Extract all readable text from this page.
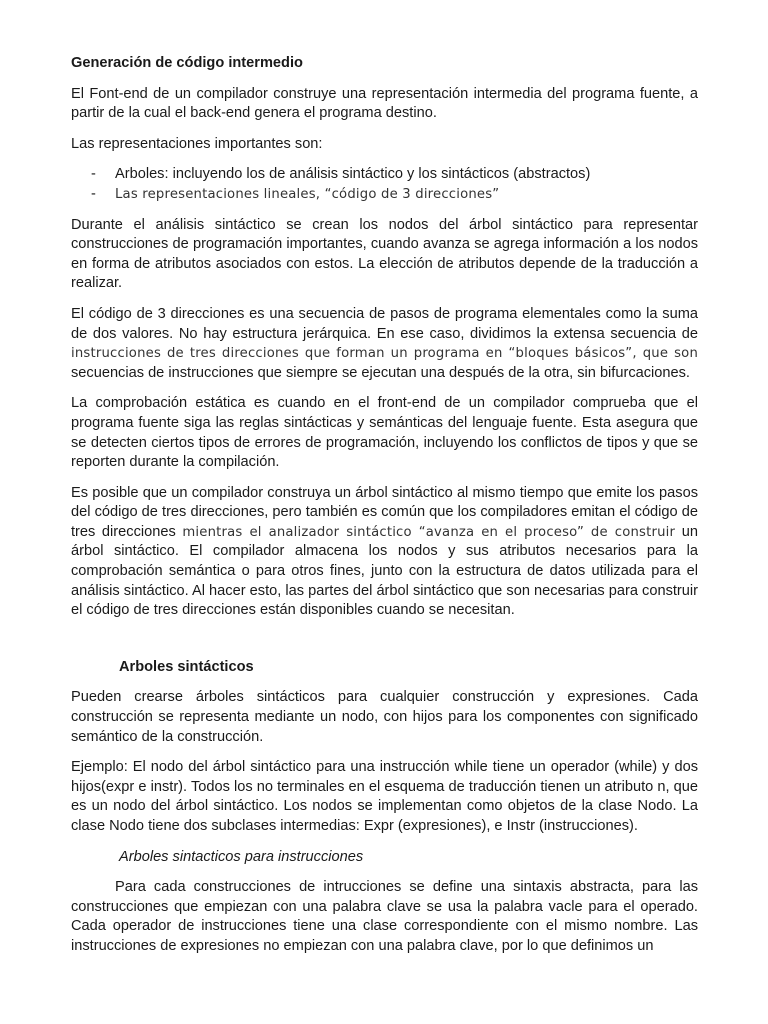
Generación de código intermedio

El Font-end de un compilador construye una representación intermedia del programa fuente, a partir de la cual el back-end genera el programa destino.

Las representaciones importantes son:

- Arboles: incluyendo los de análisis sintáctico y los sintácticos (abstractos)
- Las representaciones lineales, “código de 3 direcciones”

Durante el análisis sintáctico se crean los nodos del árbol sintáctico para representar construcciones de programación importantes, cuando avanza se agrega información a los nodos en forma de atributos asociados con estos. La elección de atributos depende de la traducción a realizar.

El código de 3 direcciones es una secuencia de pasos de programa elementales como la suma de dos valores. No hay estructura jerárquica. En ese caso, dividimos la extensa secuencia de instrucciones de tres direcciones que forman un programa en “bloques básicos”, que son secuencias de instrucciones que siempre se ejecutan una después de la otra, sin bifurcaciones.

La comprobación estática es cuando en el front-end de un compilador comprueba que el programa fuente siga las reglas sintácticas y semánticas del lenguaje fuente. Esta asegura que se detecten ciertos tipos de errores de programación, incluyendo los conflictos de tipos y que se reporten durante la compilación.

Es posible que un compilador construya un árbol sintáctico al mismo tiempo que emite los pasos del código de tres direcciones, pero también es común que los compiladores emitan el código de tres direcciones mientras el analizador sintáctico “avanza en el proceso” de construir un árbol sintáctico. El compilador almacena los nodos y sus atributos necesarios para la comprobación semántica o para otros fines, junto con la estructura de datos utilizada para el análisis sintáctico. Al hacer esto, las partes del árbol sintáctico que son necesarias para construir el código de tres direcciones están disponibles cuando se necesitan.

Arboles sintácticos

Pueden crearse árboles sintácticos para cualquier construcción y expresiones. Cada construcción se representa mediante un nodo, con hijos para los componentes con significado semántico de la construcción.

Ejemplo: El nodo del árbol sintáctico para una instrucción while tiene un operador (while) y dos hijos(expr e instr). Todos los no terminales en el esquema de traducción tienen un atributo n, que es un nodo del árbol sintáctico. Los nodos se implementan como objetos de la clase Nodo. La clase Nodo tiene dos subclases intermedias: Expr (expresiones), e Instr (instrucciones).

Arboles sintacticos para instrucciones

Para cada construcciones de intrucciones se define una sintaxis abstracta, para las construcciones que empiezan con una palabra clave se usa la palabra vacle para el operado. Cada operador de instrucciones tiene una clase correspondiente con el mismo nombre. Las instrucciones de expresiones no empiezan con una palabra clave, por lo que definimos un
